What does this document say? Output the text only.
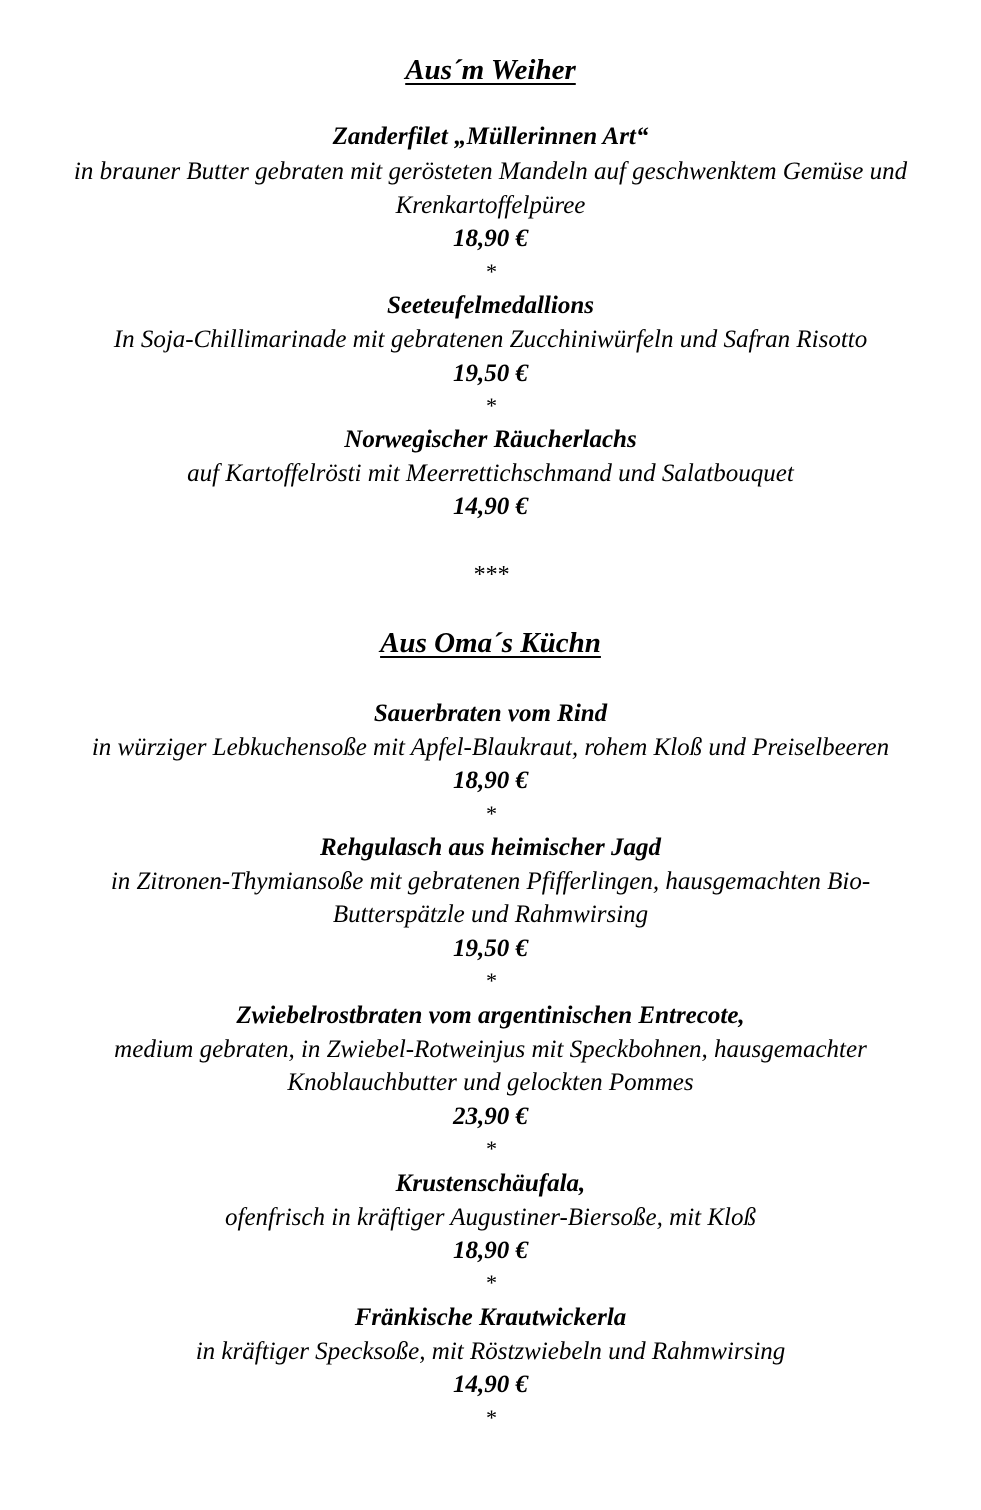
Aus´m Weiher
Zanderfilet „Müllerinnen Art“
in brauner Butter gebraten mit gerösteten Mandeln auf geschwenktem Gemüse und
Krenkartoffelpüree
18,90 €
*
Seeteufelmedallions
In Soja-Chillimarinade mit gebratenen Zucchiniwürfeln und Safran Risotto
19,50 €
*
Norwegischer Räucherlachs
auf Kartoffelrösti mit Meerrettichschmand und Salatbouquet
14,90 €
***
Aus Oma´s Küchn
Sauerbraten vom Rind
in würziger Lebkuchensoße mit Apfel-Blaukraut, rohem Kloß und Preiselbeeren
18,90 €
*
Rehgulasch aus heimischer Jagd
in Zitronen-Thymiansoße mit gebratenen Pfifferlingen, hausgemachten Bio-
Butterspätzle und Rahmwirsing
19,50 €
*
Zwiebelrostbraten vom argentinischen Entrecote,
medium gebraten, in Zwiebel-Rotweinjus mit Speckbohnen, hausgemachter
Knoblauchbutter und gelockten Pommes
23,90 €
*
Krustenschäufala,
ofenfrisch in kräftiger Augustiner-Biersoße, mit Kloß
18,90 €
*
Fränkische Krautwickerla
in kräftiger Specksoße, mit Röstzwiebeln und Rahmwirsing
14,90 €
*
